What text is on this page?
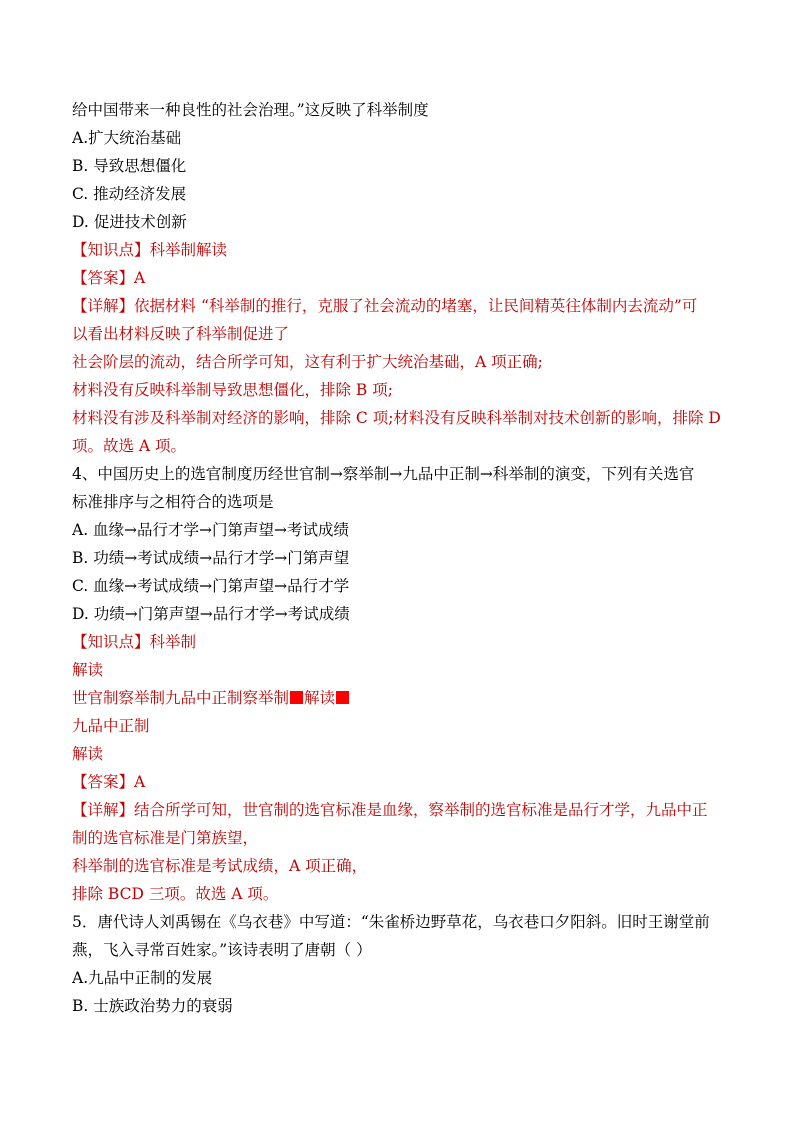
给中国带来一种良性的社会治理。”这反映了科举制度
A.扩大统治基础
B. 导致思想僵化
C. 推动经济发展
D. 促进技术创新
【知识点】科举制解读
【答案】A
【详解】依据材料 “科举制的推行，克服了社会流动的堵塞，让民间精英往体制内去流动”可
以看出材料反映了科举制促进了
社会阶层的流动，结合所学可知，这有利于扩大统治基础，A 项正确;
材料没有反映科举制导致思想僵化，排除 B 项;
材料没有涉及科举制对经济的影响，排除 C 项;材料没有反映科举制对技术创新的影响，排除 D
项。故选 A 项。
4、中国历史上的选官制度历经世官制→察举制→九品中正制→科举制的演变，下列有关选官
标准排序与之相符合的选项是
A. 血缘→品行才学→门第声望→考试成绩
B. 功绩→考试成绩→品行才学→门第声望
C. 血缘→考试成绩→门第声望→品行才学
D. 功绩→门第声望→品行才学→考试成绩
【知识点】科举制
解读
世官制察举制九品中正制察举制 解读
九品中正制
解读
【答案】A
【详解】结合所学可知，世官制的选官标准是血缘，察举制的选官标准是品行才学，九品中正
制的选官标准是门第族望，
科举制的选官标准是考试成绩，A 项正确，
排除 BCD 三项。故选 A 项。
5．唐代诗人刘禹锡在《乌衣巷》中写道：“朱雀桥边野草花，乌衣巷口夕阳斜。旧时王谢堂前
燕，飞入寻常百姓家。”该诗表明了唐朝（ ）
A.九品中正制的发展
B. 士族政治势力的衰弱
